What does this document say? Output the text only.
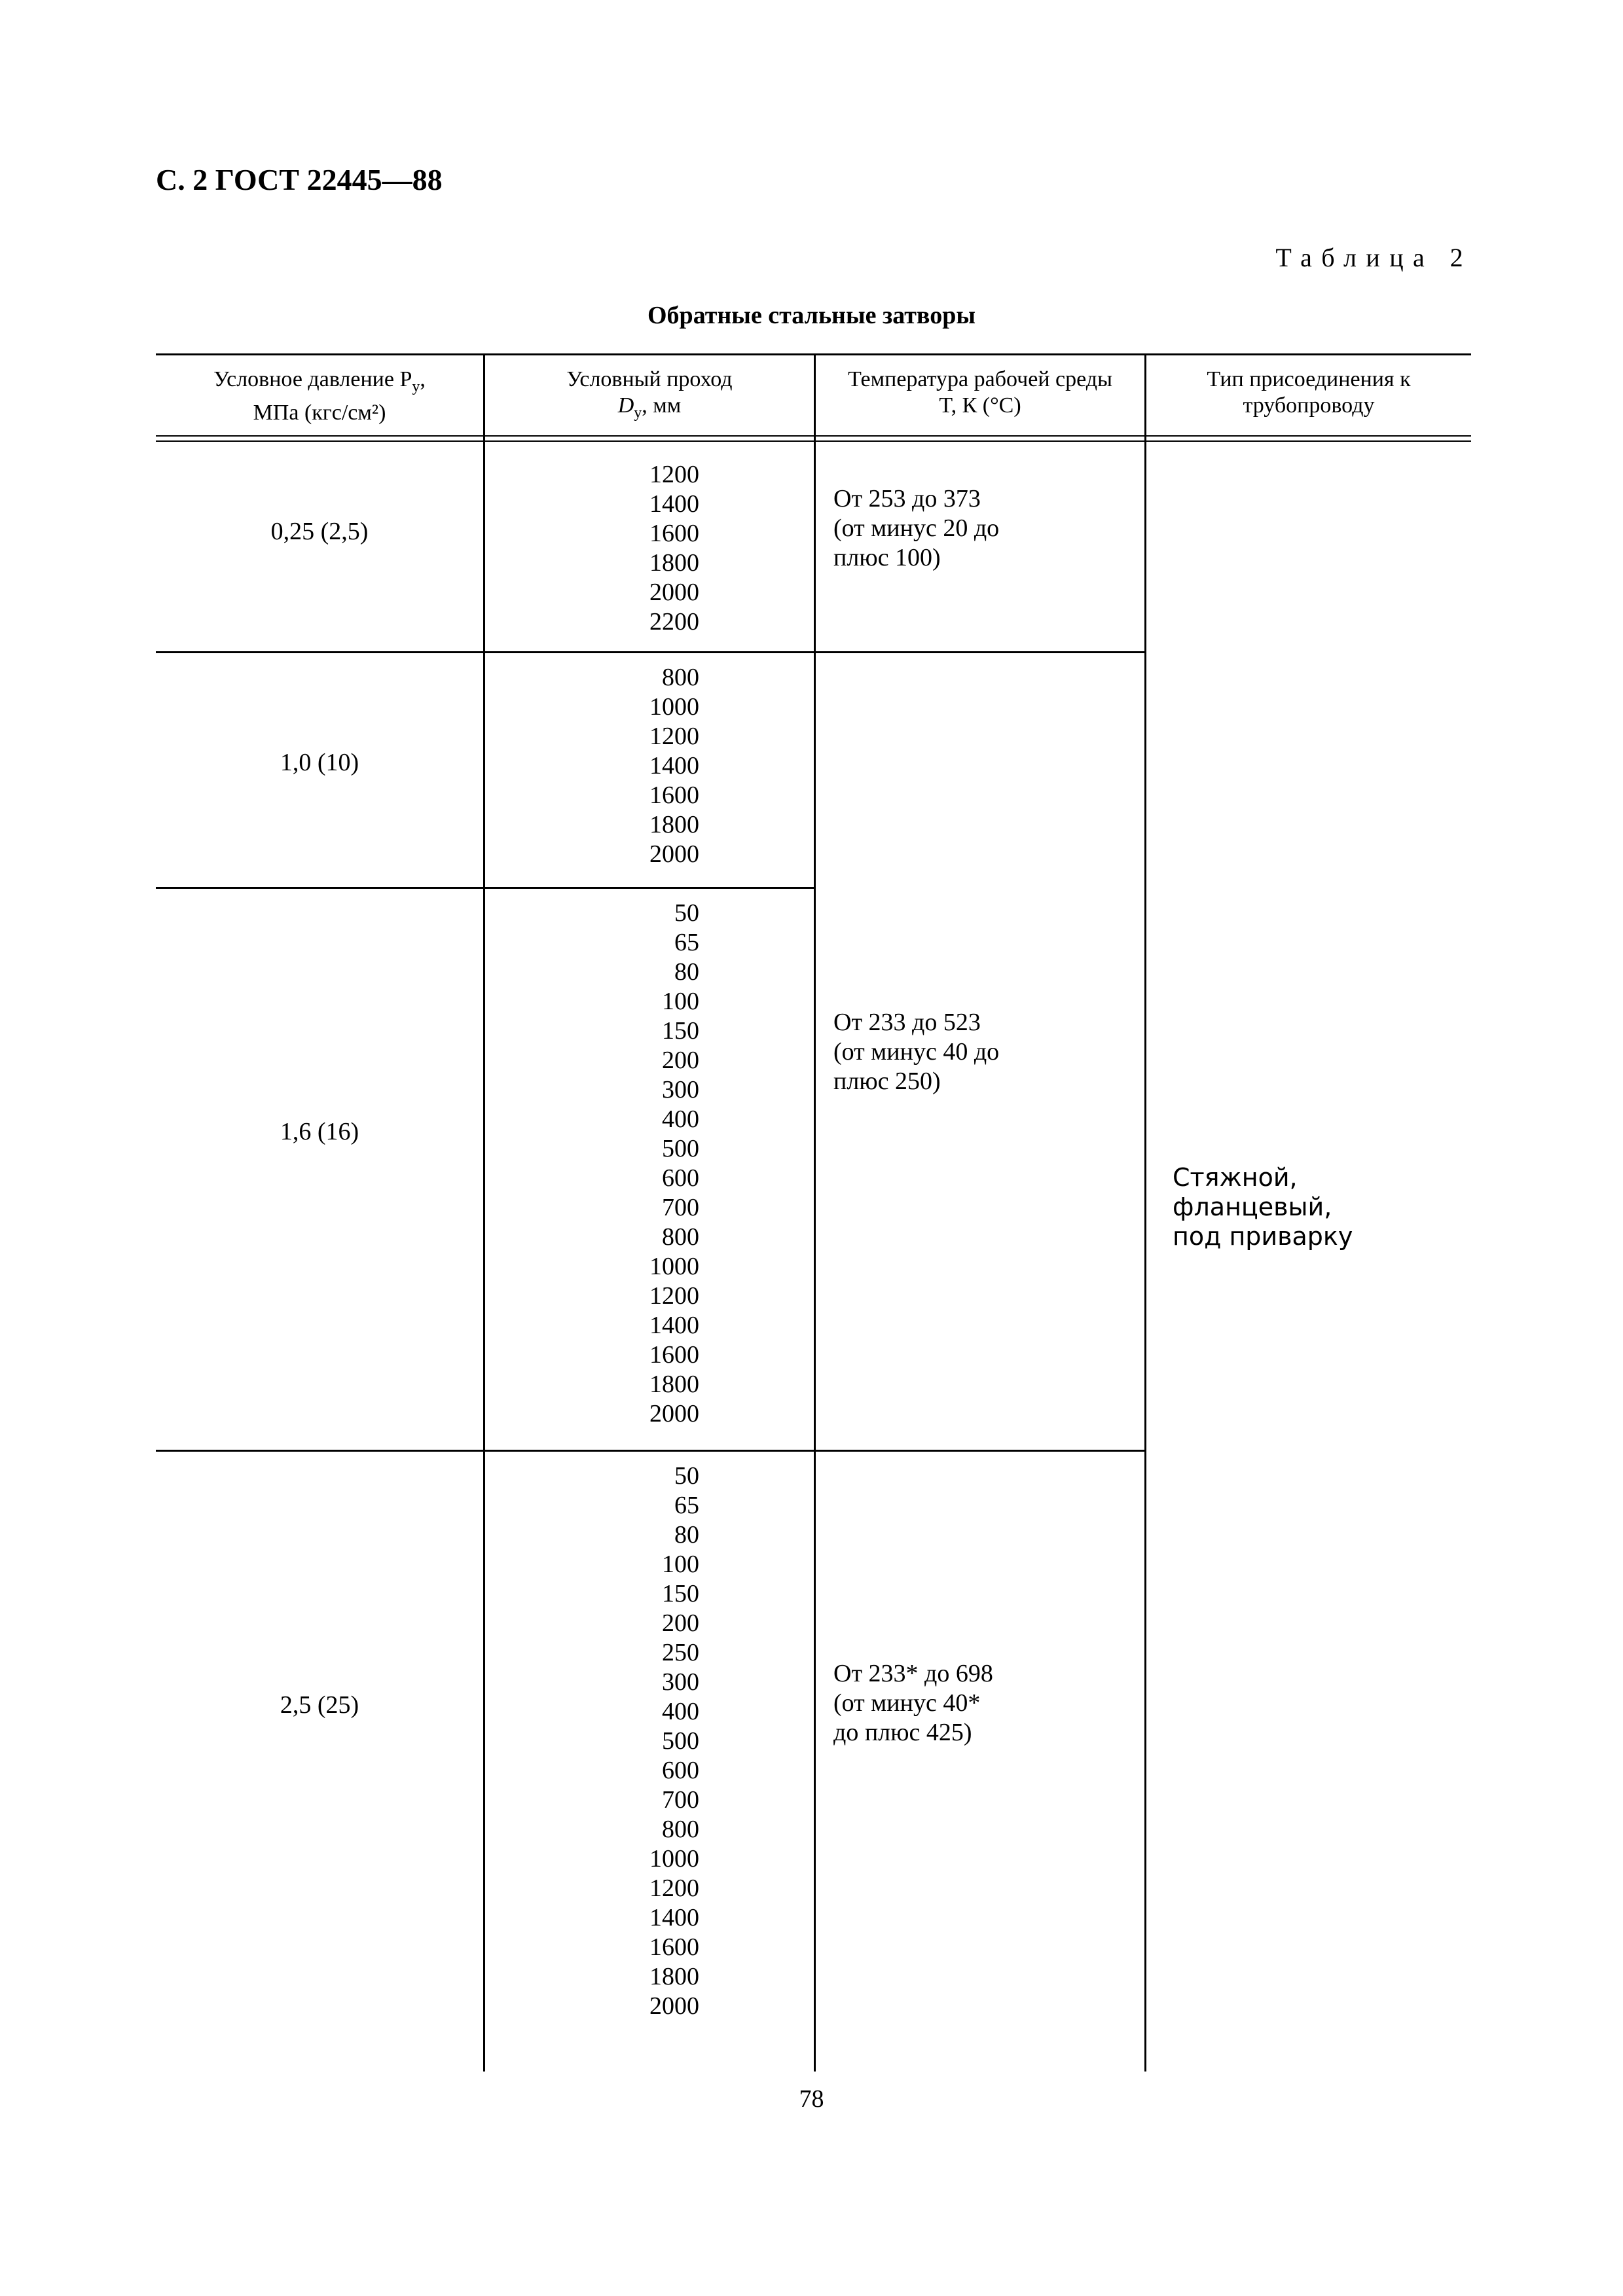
С. 2 ГОСТ 22445—88
Таблица 2
Обратные стальные затворы
Условное давление $P_у$,
МПа (кгс/см²)
Условный проход
$D_у$, мм
Температура рабочей среды
T, К (°С)
Тип присоединения к
трубопроводу
0,25 (2,5)
1,0 (10)
1,6 (16)
2,5 (25)
1200
1400
1600
1800
2000
2200
800
1000
1200
1400
1600
1800
2000
50
65
80
100
150
200
300
400
500
600
700
800
1000
1200
1400
1600
1800
2000
50
65
80
100
150
200
250
300
400
500
600
700
800
1000
1200
1400
1600
1800
2000
От 253 до 373
(от минус 20 до
плюс 100)
От 233 до 523
(от минус 40 до
плюс 250)
От 233* до 698
(от минус 40*
до плюс 425)
Стяжной,
фланцевый,
под приварку
78
